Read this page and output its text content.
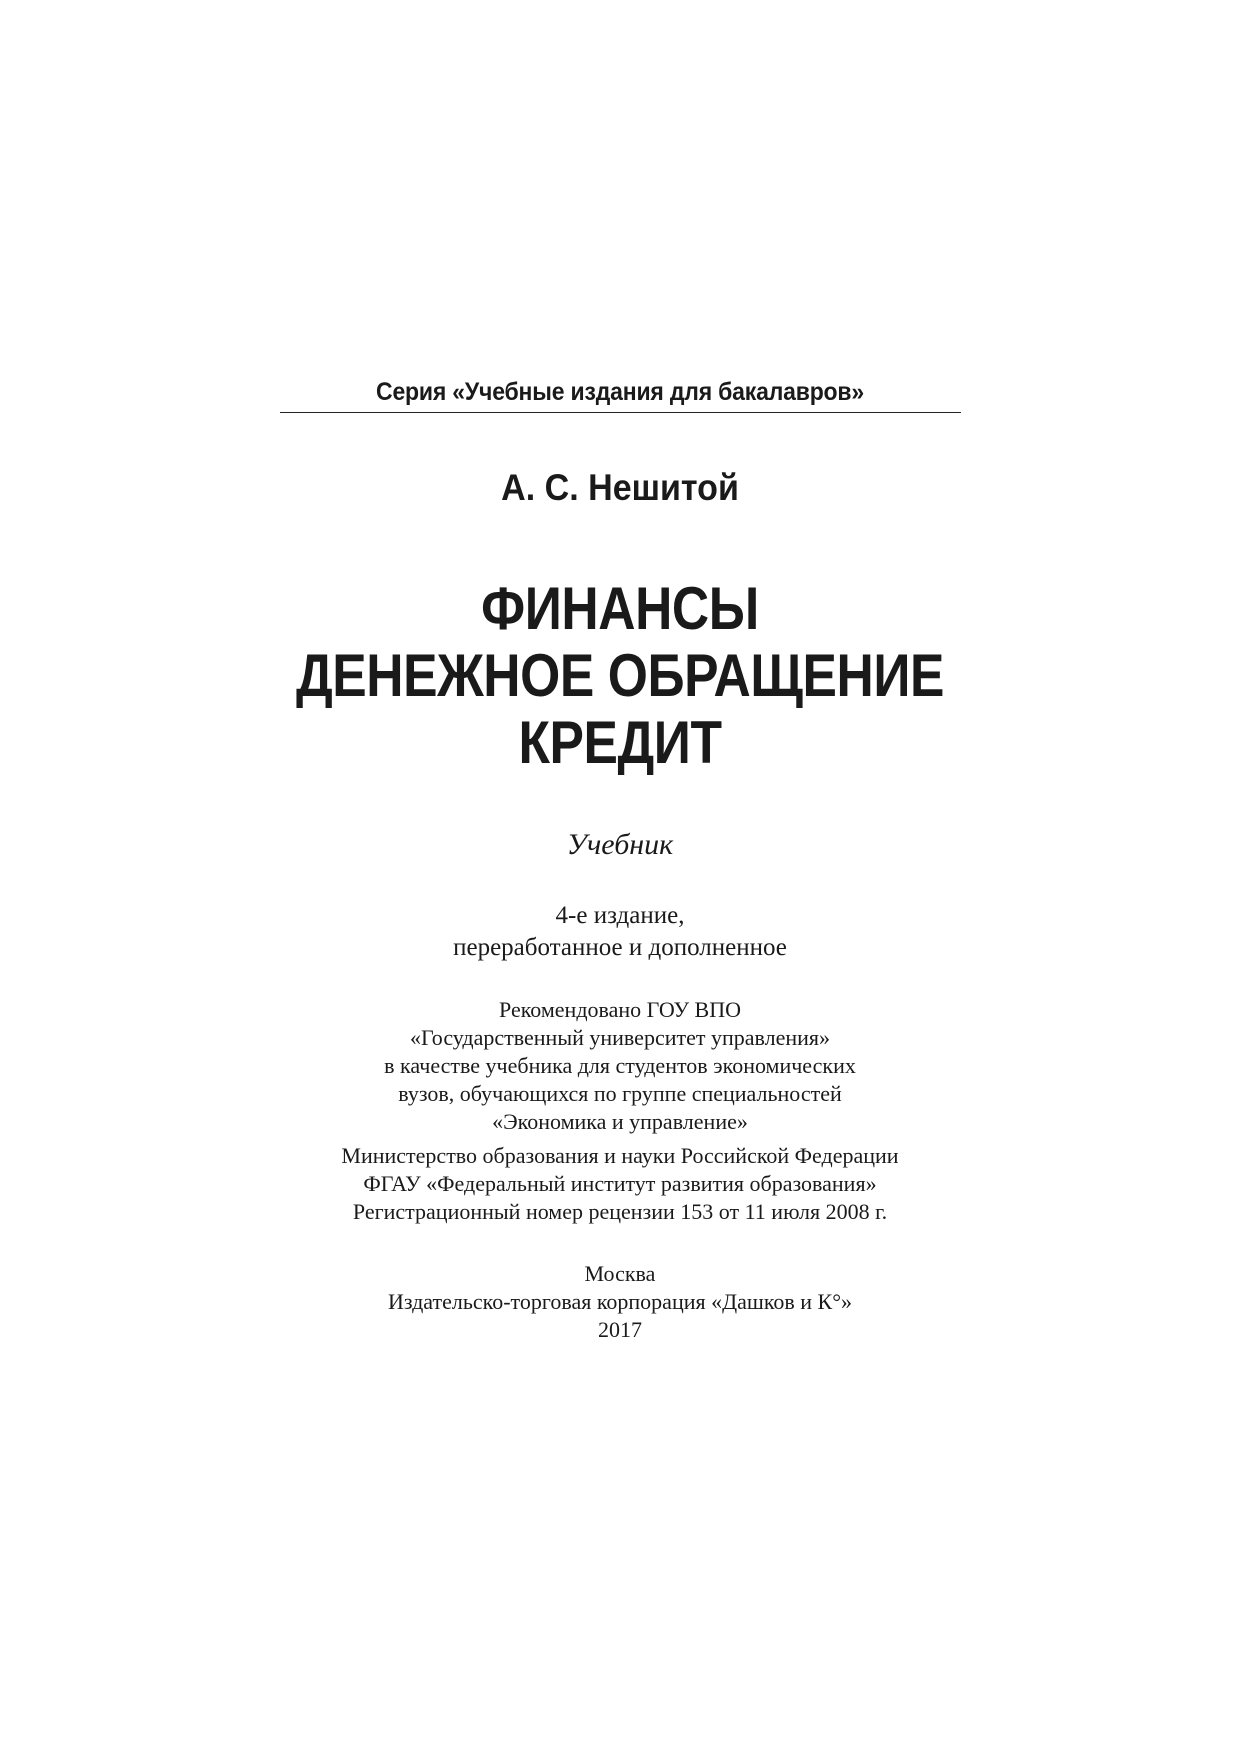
Серия «Учебные издания для бакалавров»
А. С. Нешитой
ФИНАНСЫ
ДЕНЕЖНОЕ ОБРАЩЕНИЕ
КРЕДИТ
Учебник
4-е издание,
переработанное и дополненное
Рекомендовано ГОУ ВПО
«Государственный университет управления»
в качестве учебника для студентов экономических
вузов, обучающихся по группе специальностей
«Экономика и управление»
Министерство образования и науки Российской Федерации
ФГАУ «Федеральный институт развития образования»
Регистрационный номер рецензии 153 от 11 июля 2008 г.
Москва
Издательско-торговая корпорация «Дашков и К°»
2017
